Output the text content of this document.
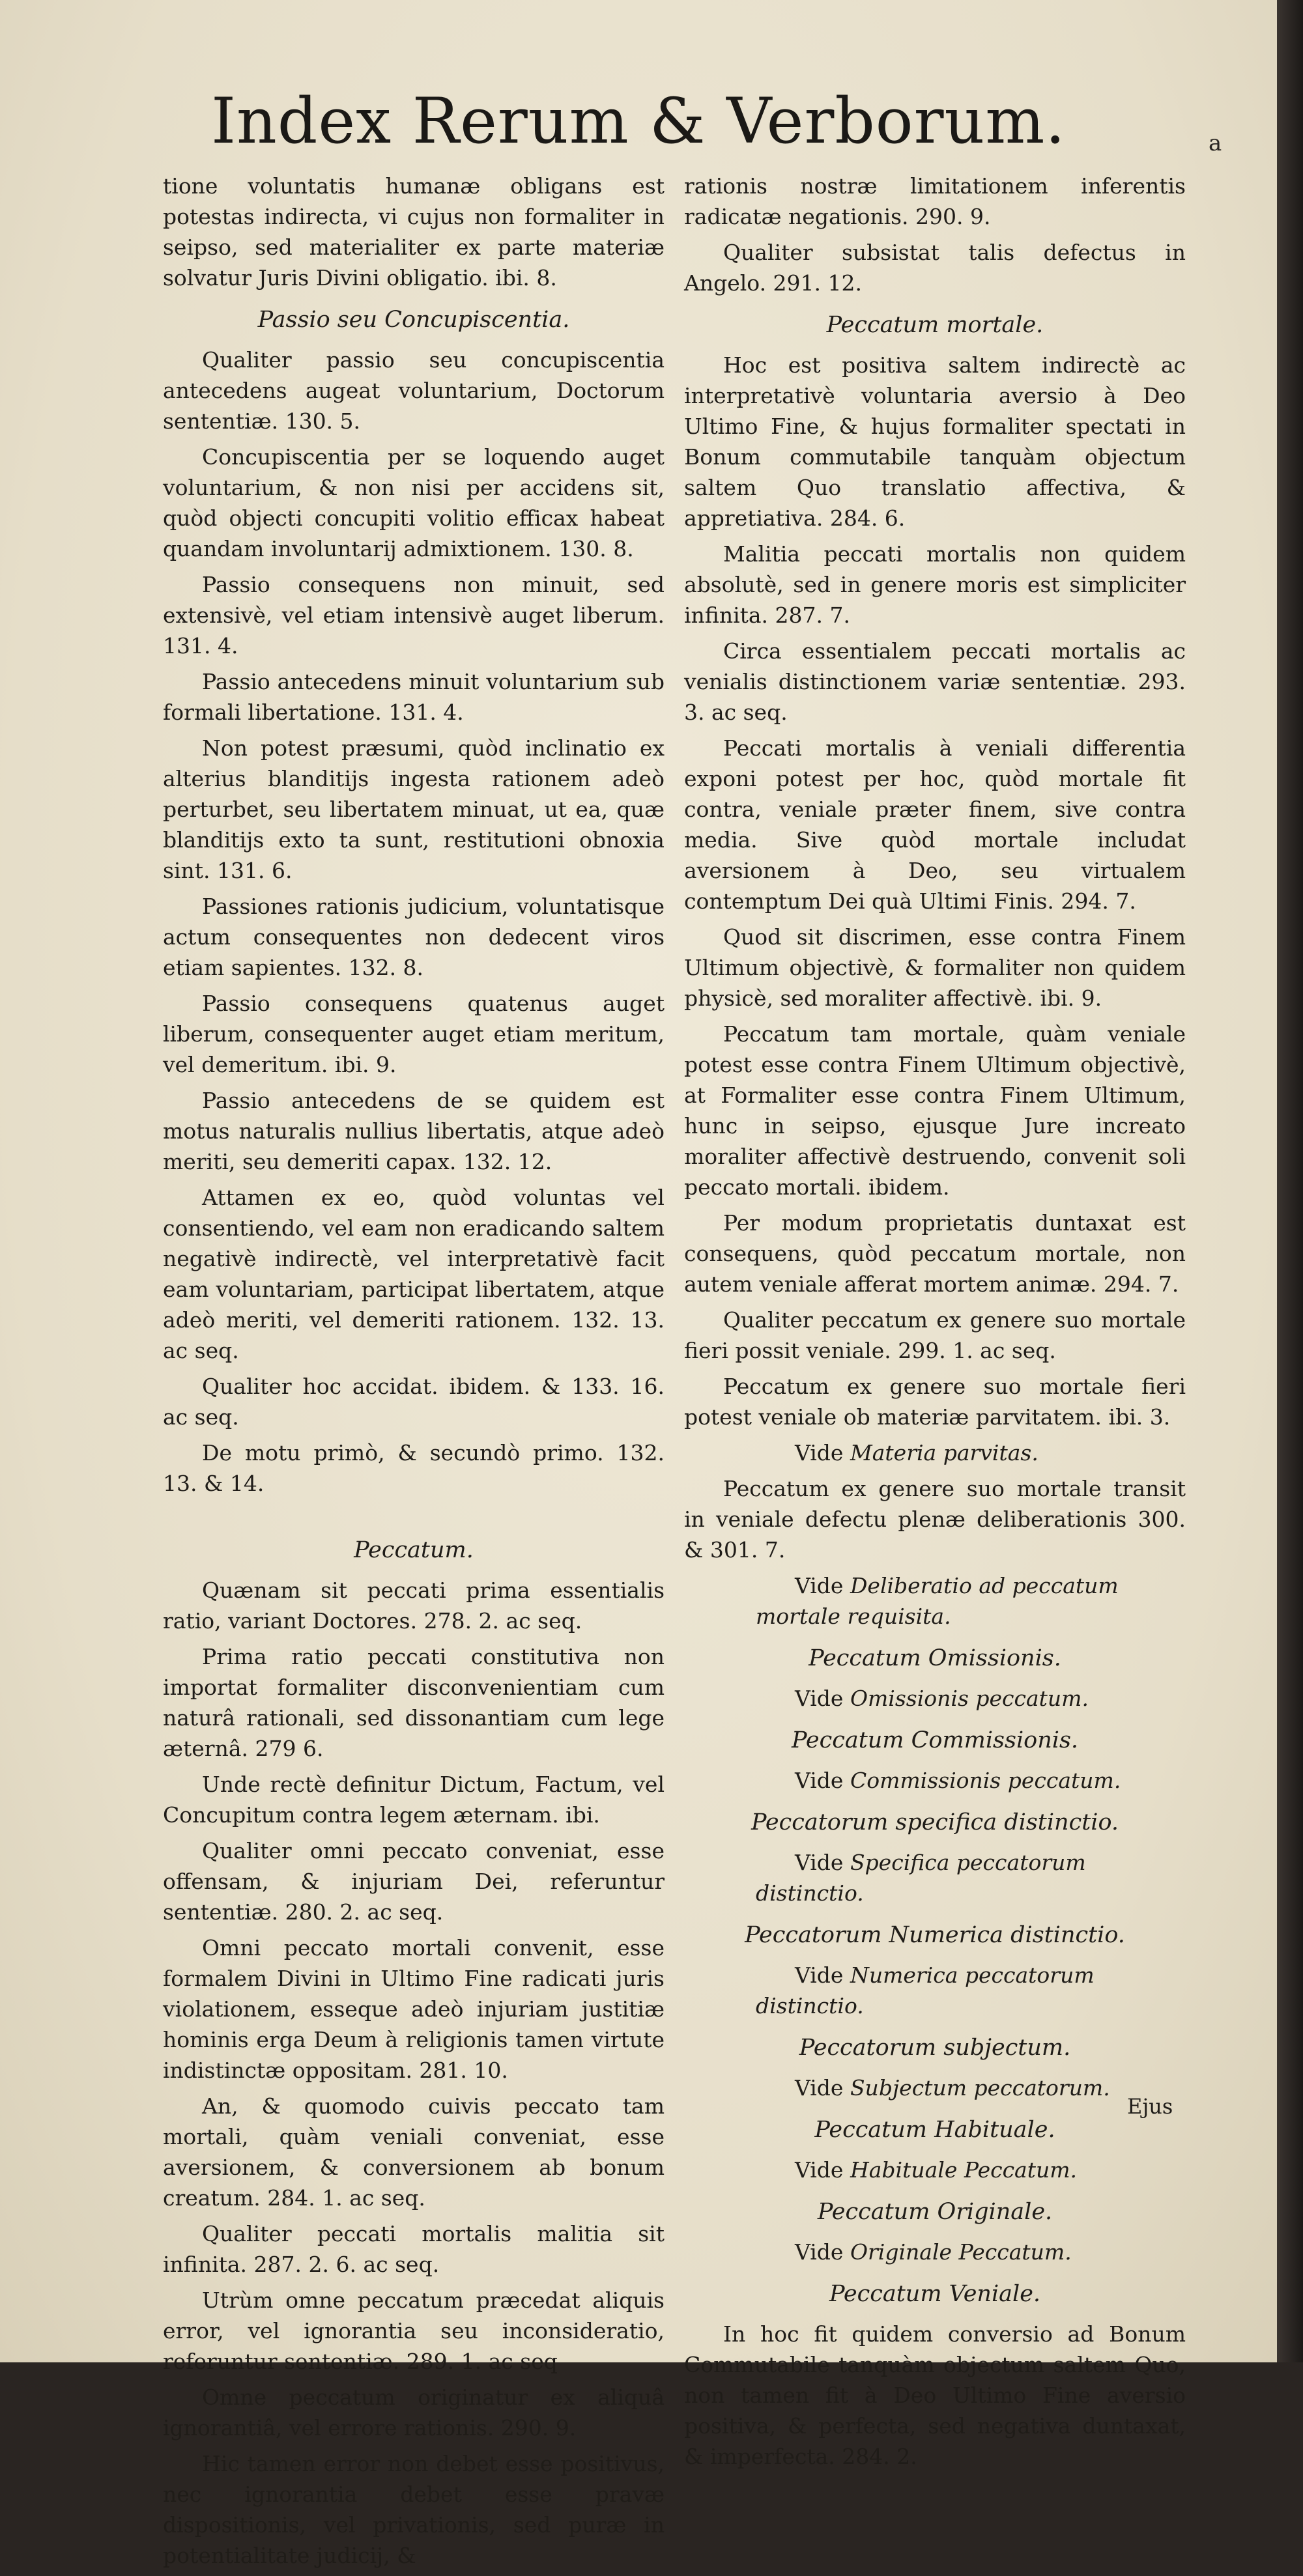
Index Rerum & Verborum.	a

tione voluntatis humanæ obligans est potestas indirecta, vi cujus non formaliter in seipso, sed materialiter ex parte materiæ solvatur Juris Divini obligatio. ibi. 8.

Passio seu Concupiscentia.

Qualiter passio seu concupiscentia antecedens augeat voluntarium, Doctorum sententiæ. 130. 5.

Concupiscentia per se loquendo auget voluntarium, & non nisi per accidens sit, quòd objecti concupiti volitio efficax habeat quandam involuntarij admixtionem. 130. 8.

Passio consequens non minuit, sed extensivè, vel etiam intensivè auget liberum. 131. 4.

Passio antecedens minuit voluntarium sub formali libertatione. 131. 4.

Non potest præsumi, quòd inclinatio ex alterius blanditijs ingesta rationem adeò perturbet, seu libertatem minuat, ut ea, quæ blanditijs exto ta sunt, restitutioni obnoxia sint. 131. 6.

Passiones rationis judicium, voluntatisque actum consequentes non dedecent viros etiam sapientes. 132. 8.

Passio consequens quatenus auget liberum, consequenter auget etiam meritum, vel demeritum. ibi. 9.

Passio antecedens de se quidem est motus naturalis nullius libertatis, atque adeò meriti, seu demeriti capax. 132. 12.

Attamen ex eo, quòd voluntas vel consentiendo, vel eam non eradicando saltem negativè indirectè, vel interpretativè facit eam voluntariam, participat libertatem, atque adeò meriti, vel demeriti rationem. 132. 13. ac seq.

Qualiter hoc accidat. ibidem. & 133. 16. ac seq.

De motu primò, & secundò primo. 132. 13. & 14.

Peccatum.

Quænam sit peccati prima essentialis ratio, variant Doctores. 278. 2. ac seq.

Prima ratio peccati constitutiva non importat formaliter disconvenientiam cum naturâ rationali, sed dissonantiam cum lege æternâ. 279 6.

Unde rectè definitur Dictum, Factum, vel Concupitum contra legem æternam. ibi.

Qualiter omni peccato conveniat, esse offensam, & injuriam Dei, referuntur sententiæ. 280. 2. ac seq.

Omni peccato mortali convenit, esse formalem Divini in Ultimo Fine radicati juris violationem, esseque adeò injuriam justitiæ hominis erga Deum à religionis tamen virtute indistinctæ oppositam. 281. 10.

An, & quomodo cuivis peccato tam mortali, quàm veniali conveniat, esse aversionem, & conversionem ab bonum creatum. 284. 1. ac seq.

Qualiter peccati mortalis malitia sit infinita. 287. 2. 6. ac seq.

Utrùm omne peccatum præcedat aliquis error, vel ignorantia seu inconsideratio, referuntur sententiæ. 289. 1. ac seq

Omne peccatum originatur ex aliquâ ignorantiâ, vel errore rationis. 290. 9.

Hic tamen error non debet esse positivus, nec ignorantia debet esse pravæ dispositionis, vel privationis, sed puræ in potentialitate judicij, &

rationis nostræ limitationem inferentis radicatæ negationis. 290. 9.

Qualiter subsistat talis defectus in Angelo. 291. 12.

Peccatum mortale.

Hoc est positiva saltem indirectè ac interpretativè voluntaria aversio à Deo Ultimo Fine, & hujus formaliter spectati in Bonum commutabile tanquàm objectum saltem Quo translatio affectiva, & appretiativa. 284. 6.

Malitia peccati mortalis non quidem absolutè, sed in genere moris est simpliciter infinita. 287. 7.

Circa essentialem peccati mortalis ac venialis distinctionem variæ sententiæ. 293. 3. ac seq.

Peccati mortalis à veniali differentia exponi potest per hoc, quòd mortale fit contra, veniale præter finem, sive contra media. Sive quòd mortale includat aversionem à Deo, seu virtualem contemptum Dei quà Ultimi Finis. 294. 7.

Quod sit discrimen, esse contra Finem Ultimum objectivè, & formaliter non quidem physicè, sed moraliter affectivè. ibi. 9.

Peccatum tam mortale, quàm veniale potest esse contra Finem Ultimum objectivè, at Formaliter esse contra Finem Ultimum, hunc in seipso, ejusque Jure increato moraliter affectivè destruendo, convenit soli peccato mortali. ibidem.

Per modum proprietatis duntaxat est consequens, quòd peccatum mortale, non autem veniale afferat mortem animæ. 294. 7.

Qualiter peccatum ex genere suo mortale fieri possit veniale. 299. 1. ac seq.

Peccatum ex genere suo mortale fieri potest veniale ob materiæ parvitatem. ibi. 3.

Vide Materia parvitas.

Peccatum ex genere suo mortale transit in veniale defectu plenæ deliberationis 300. & 301. 7.

Vide Deliberatio ad peccatum mortale requisita.

Peccatum Omissionis.

Vide Omissionis peccatum.

Peccatum Commissionis.

Vide Commissionis peccatum.

Peccatorum specifica distinctio.

Vide Specifica peccatorum distinctio.

Peccatorum Numerica distinctio.

Vide Numerica peccatorum distinctio.

Peccatorum subjectum.

Vide Subjectum peccatorum.

Peccatum Habituale.

Vide Habituale Peccatum.

Peccatum Originale.

Vide Originale Peccatum.

Peccatum Veniale.

In hoc fit quidem conversio ad Bonum Commutabile tanquàm objectum saltem Quo, non tamen fit à Deo Ultimo Fine aversio positiva, & perfecta, sed negativa duntaxat, & imperfecta. 284. 2.

Ejus
